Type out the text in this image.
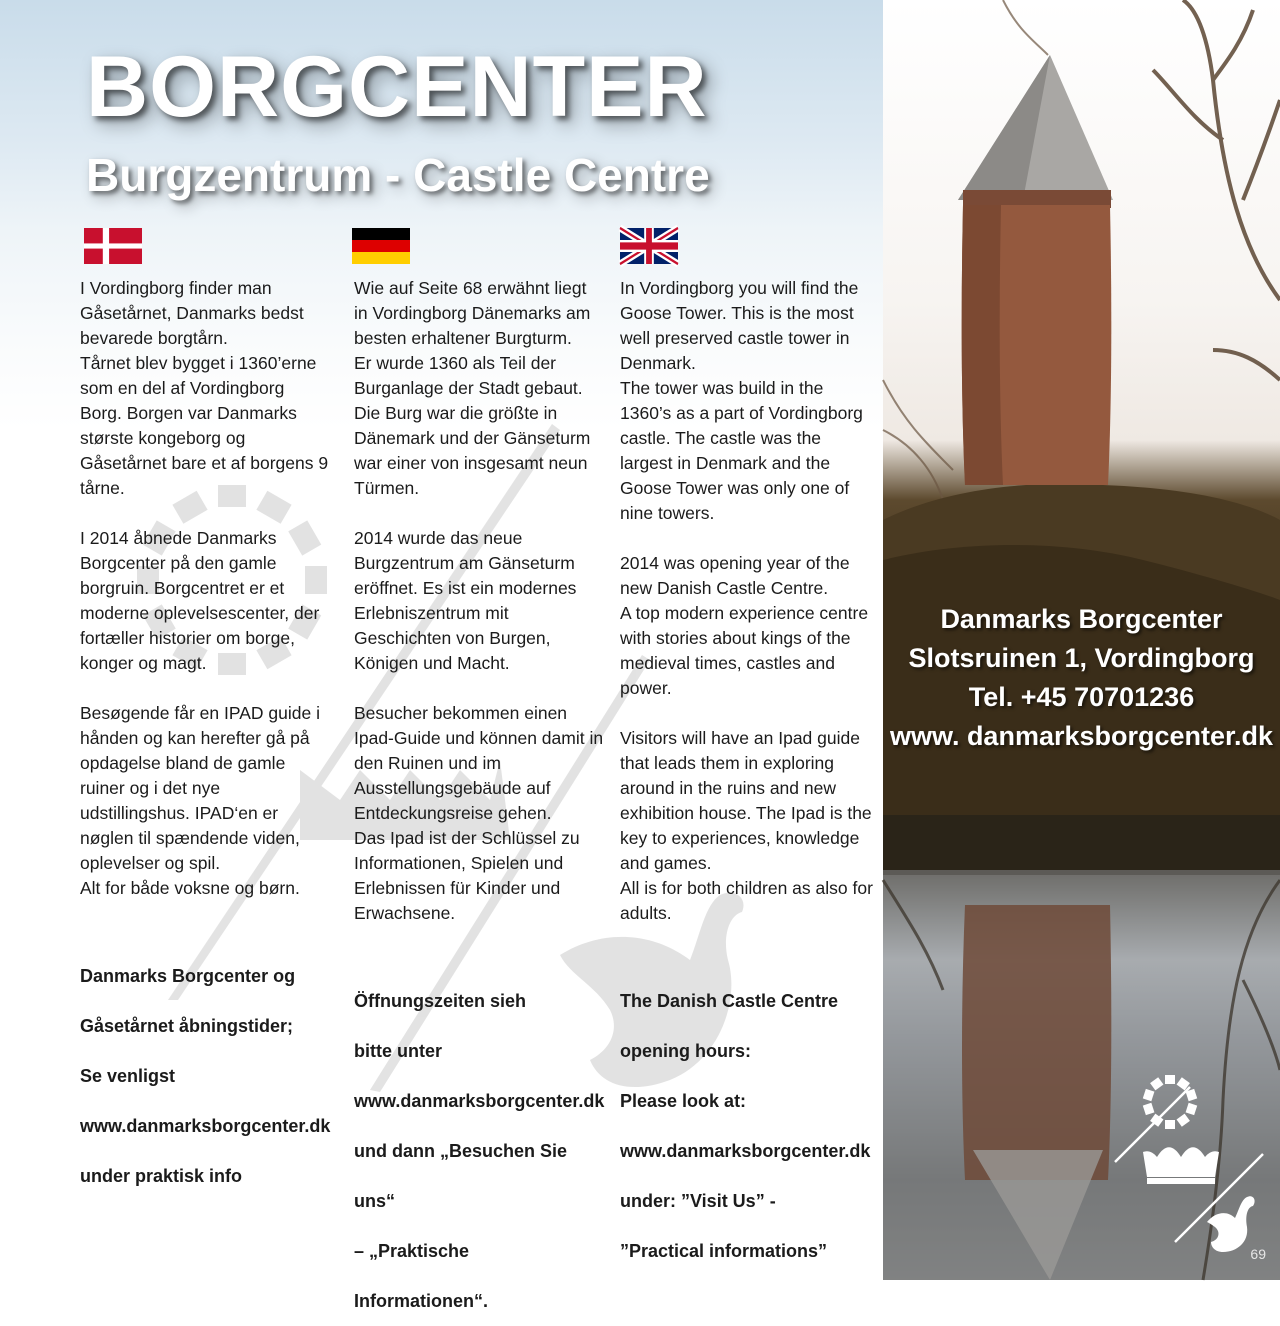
BORGCENTER
Burgzentrum - Castle Centre

I Vordingborg finder man Gåsetårnet, Danmarks bedst bevarede borgtårn.

Tårnet blev bygget i 1360’erne som en del af Vordingborg Borg. Borgen var Danmarks største kongeborg og Gåsetårnet bare et af borgens 9 tårne.

I 2014 åbnede Danmarks Borgcenter på den gamle borgruin. Borgcentret er et moderne oplevelsescenter, der fortæller historier om borge, konger og magt.

Besøgende får en IPAD guide i hånden og kan herefter gå på opdagelse bland de gamle ruiner og i det nye udstillingshus. IPAD‘en er nøglen til spændende viden, oplevelser og spil.

Alt for både voksne og børn.

Danmarks Borgcenter og

Gåsetårnet åbningstider;

Se venligst

www.danmarksborgcenter.dk

under praktisk info

Wie auf Seite 68 erwähnt liegt in Vordingborg Dänemarks am besten erhaltener Burgturm.

Er wurde 1360 als Teil der Burganlage der Stadt gebaut. Die Burg war die größte in Dänemark und der Gänseturm war einer von insgesamt neun Türmen.

2014 wurde das neue Burgzentrum am Gänseturm eröffnet. Es ist ein modernes Erlebniszentrum mit Geschichten von Burgen, Königen und Macht.

Besucher bekommen einen Ipad-Guide und können damit in den Ruinen und im Ausstellungsgebäude auf Entdeckungsreise gehen.

Das Ipad ist der Schlüssel zu Informationen, Spielen und Erlebnissen für Kinder und Erwachsene.

Öffnungszeiten sieh

bitte unter

www.danmarksborgcenter.dk

und dann „Besuchen Sie uns“

– „Praktische Informationen“.

In Vordingborg you will find the Goose Tower. This is the most well preserved castle tower in Denmark.

The tower was build in the 1360’s as a part of Vordingborg castle. The castle was the largest in Denmark and the Goose Tower was only one of nine towers.

2014 was opening year of the new Danish Castle Centre.

A top modern experience centre with stories about kings of the medieval times, castles and power.

Visitors will have an Ipad guide that leads them in exploring around in the ruins and new exhibition house. The Ipad is the key to experiences, knowledge and games.

All is for both children as also for adults.

The Danish Castle Centre

opening hours:

Please look at:

www.danmarksborgcenter.dk

under: ”Visit Us” -

”Practical informations”

Danmarks Borgcenter
Slotsruinen 1, Vordingborg
Tel. +45 70701236
www. danmarksborgcenter.dk
69
